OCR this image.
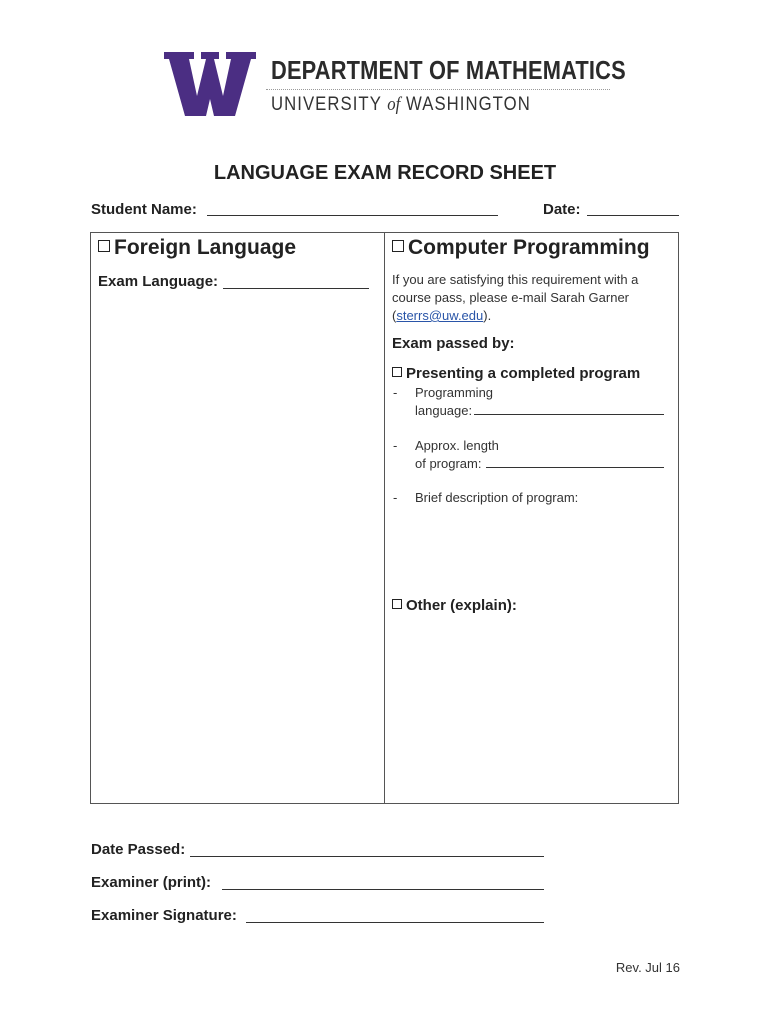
DEPARTMENT OF MATHEMATICS
UNIVERSITY of WASHINGTON
LANGUAGE EXAM RECORD SHEET
Student Name:	Date:
Foreign Language
Exam Language:
Computer Programming
If you are satisfying this requirement with a
course pass, please e-mail Sarah Garner
(sterrs@uw.edu).
Exam passed by:
Presenting a completed program
- Programming
language:
- Approx. length
of program:
- Brief description of program:
Other (explain):
Date Passed:
Examiner (print):
Examiner Signature:
Rev. Jul 16
